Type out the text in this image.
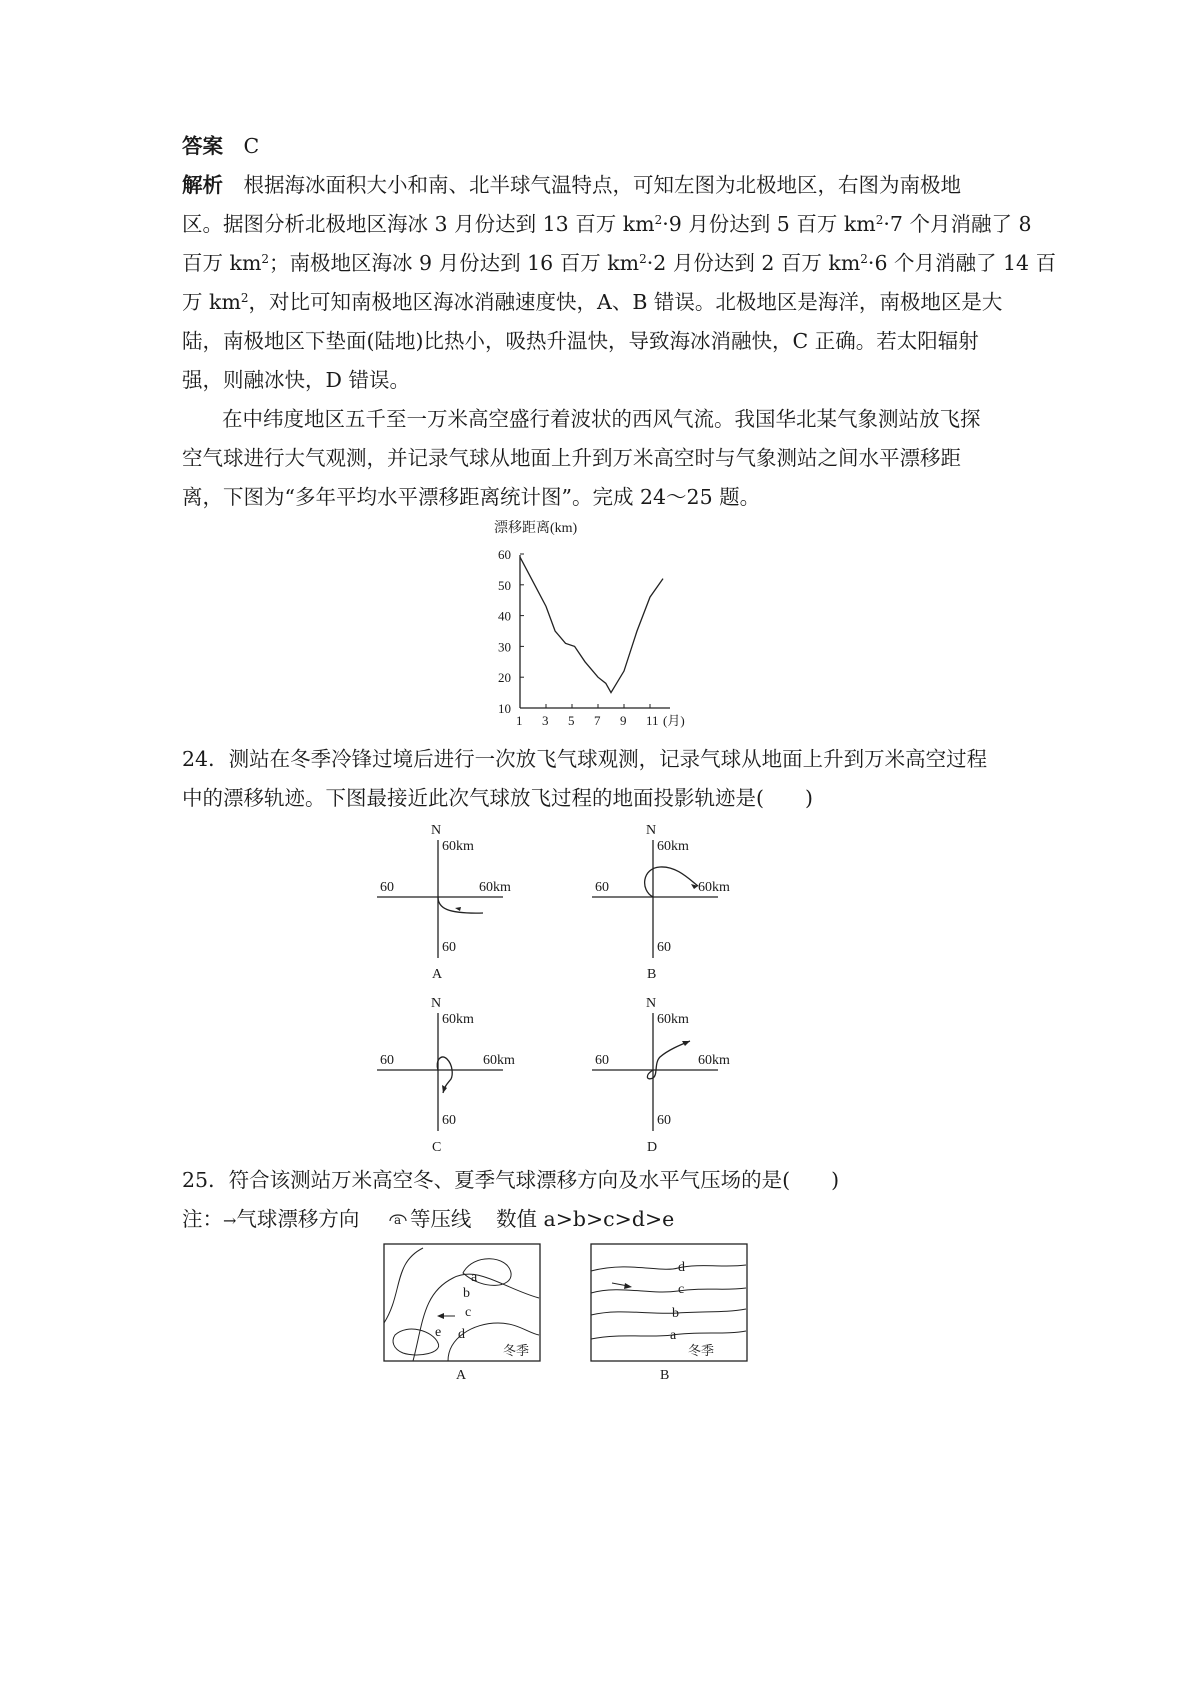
答案 C
解析 根据海冰面积大小和南、北半球气温特点，可知左图为北极地区，右图为南极地
区。据图分析北极地区海冰 3 月份达到 13 百万 $km^2\cdot 9$ 月份达到 5 百万 $km^2\cdot 7$ 个月消融了 8
百万 $km^2$；南极地区海冰 9 月份达到 16 百万 $km^2\cdot 2$ 月份达到 2 百万 $km^2\cdot 6$ 个月消融了 14 百
万 $km^2$，对比可知南极地区海冰消融速度快，A、B 错误。北极地区是海洋，南极地区是大
陆，南极地区下垫面(陆地)比热小，吸热升温快，导致海冰消融快，C 正确。若太阳辐射
强，则融冰快，D 错误。
在中纬度地区五千至一万米高空盛行着波状的西风气流。我国华北某气象测站放飞探
空气球进行大气观测，并记录气球从地面上升到万米高空时与气象测站之间水平漂移距
离，下图为“多年平均水平漂移距离统计图”。完成 24～25 题。
漂移距离(km)
10
20
30
40
50
60
1 3 5 7 9 11 (月)
24．测站在冬季冷锋过境后进行一次放飞气球观测，记录气球从地面上升到万米高空过程
中的漂移轨迹。下图最接近此次气球放飞过程的地面投影轨迹是(　　)
N
60km
60	60km
60
A
N
60km
60	60km
60
B
N
60km
60	60km
60
C
N
60km
60	60km
60
D
25．符合该测站万米高空冬、夏季气球漂移方向及水平气压场的是(　　)
注：→气球漂移方向	a 等压线 数值 a>b>c>d>e
a
b
c
d
e
冬季
A
d
c
b
a
冬季
B
